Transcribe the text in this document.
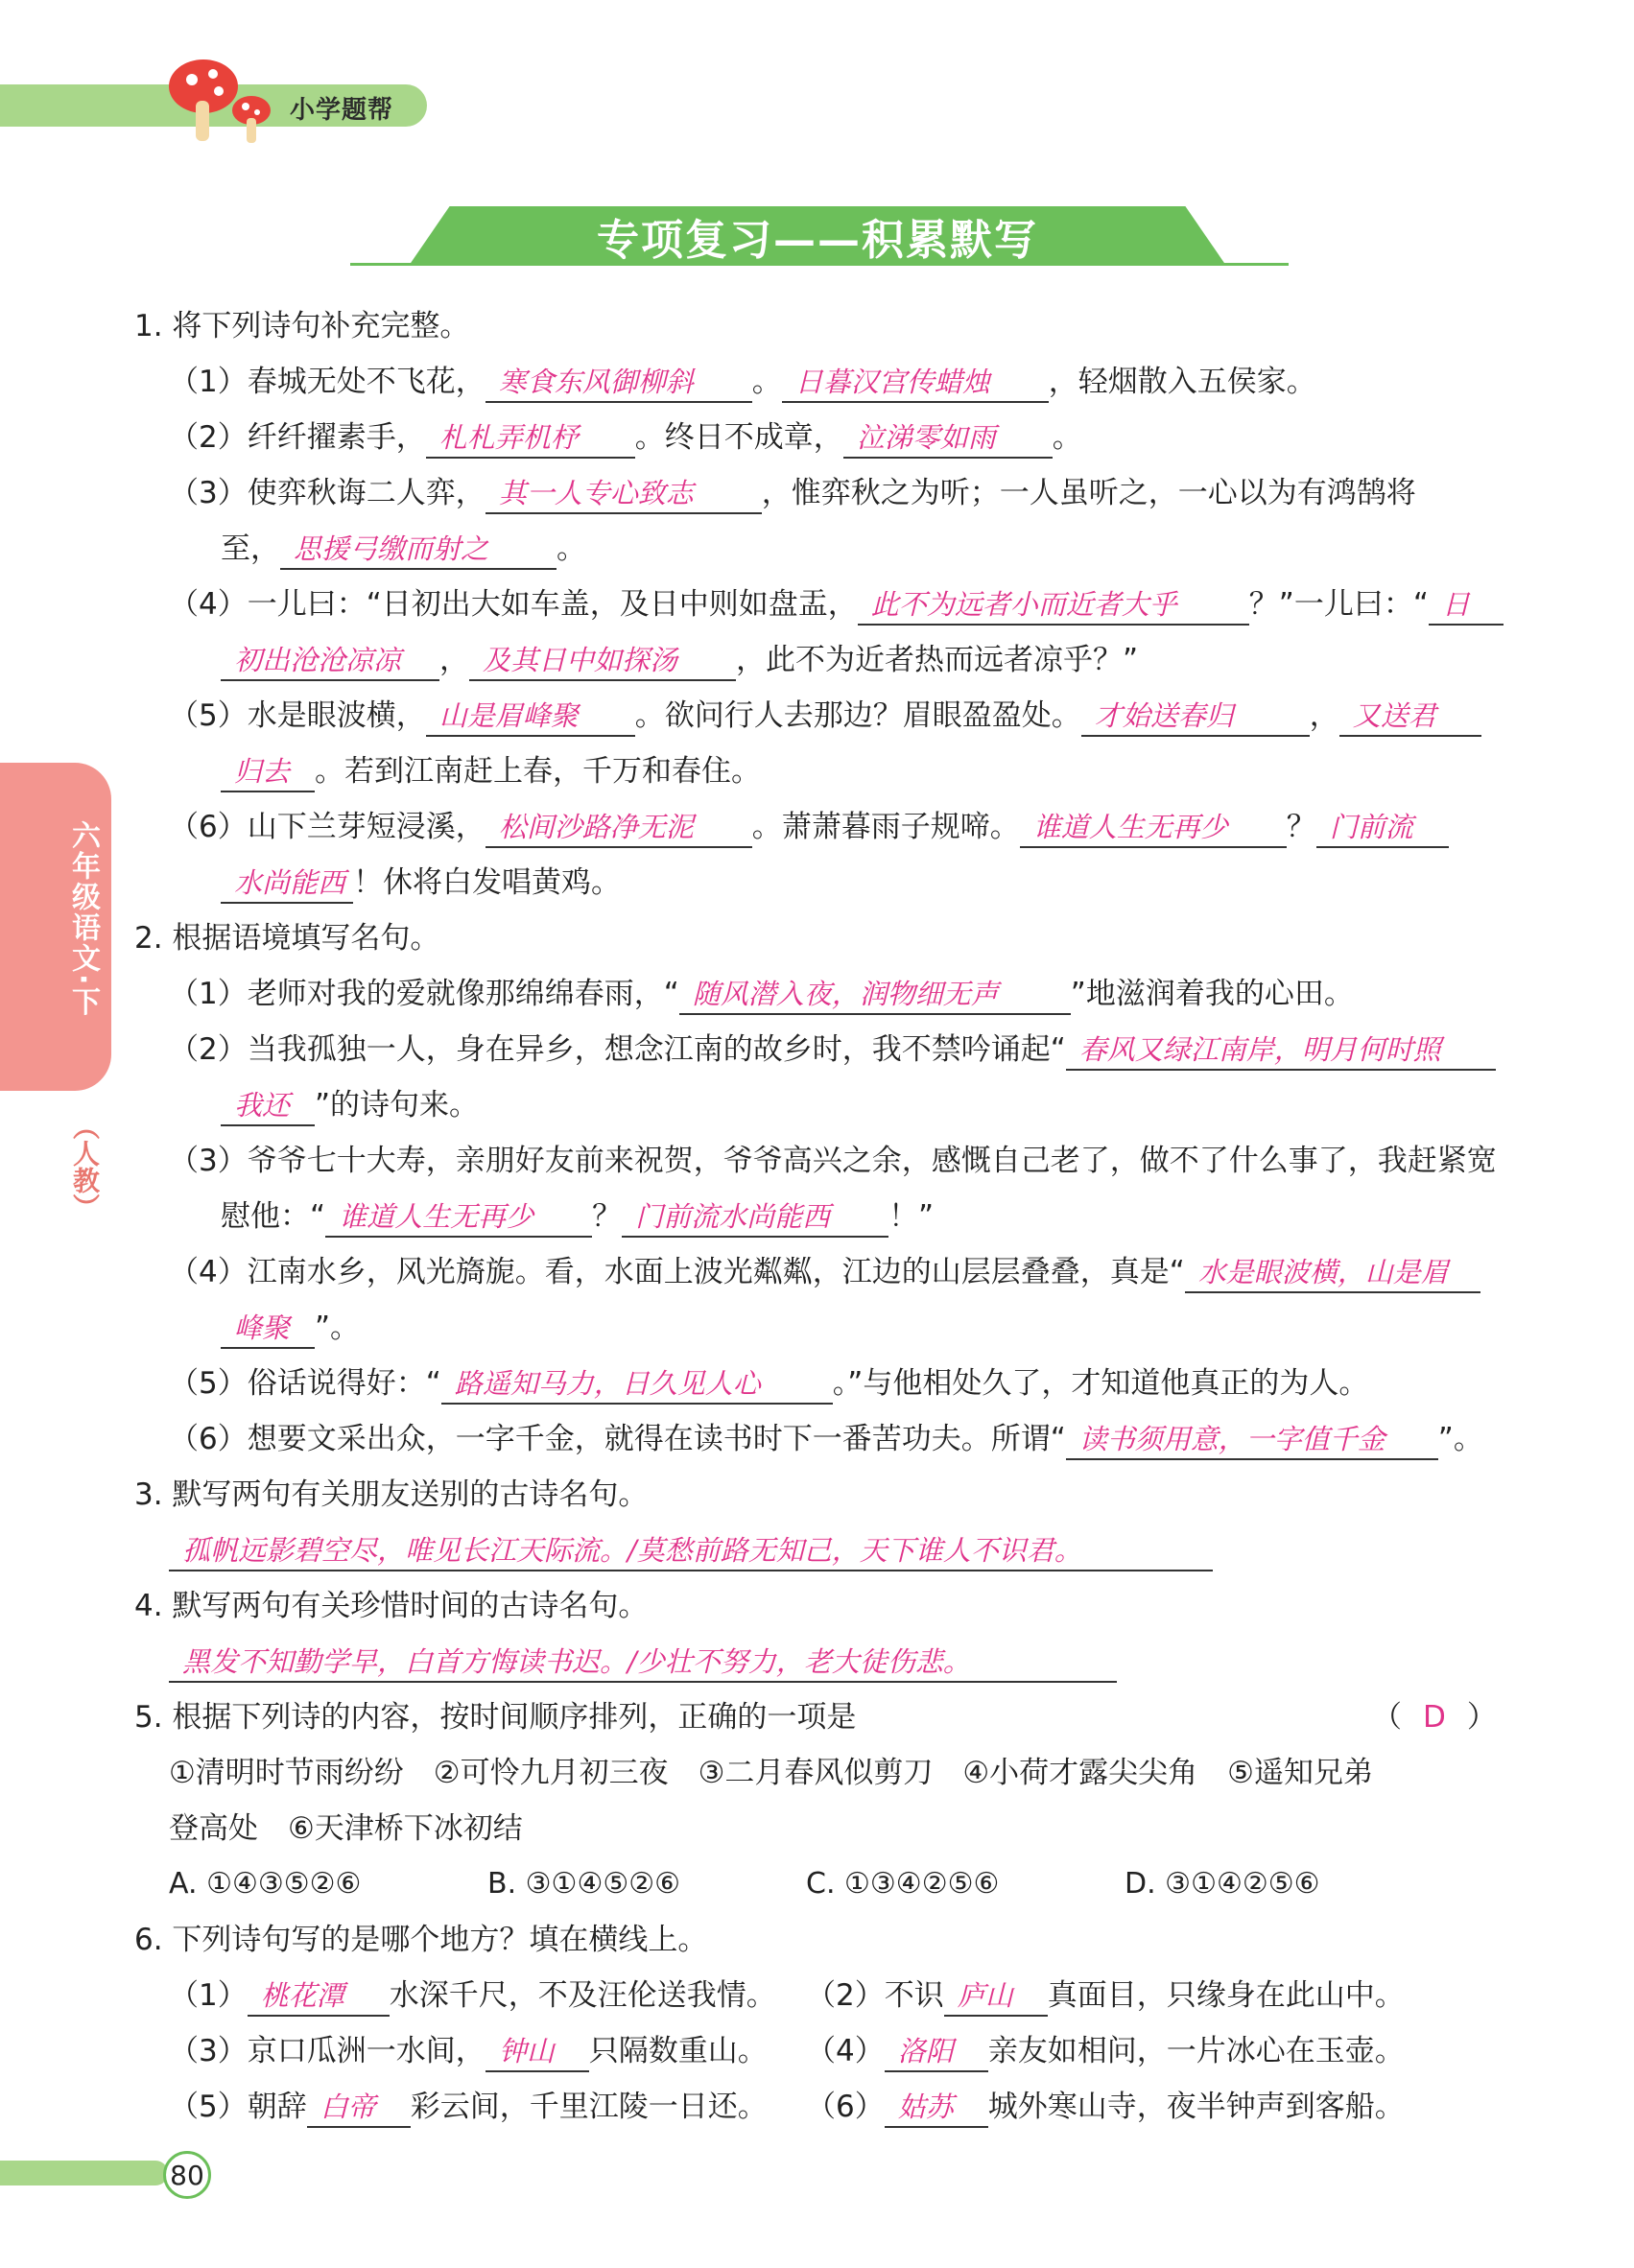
小学题帮
专项复习——积累默写
六年级语文·下
（人教）
1. 将下列诗句补充完整。
（1）春城无处不飞花， 寒食东风御柳斜 。 日暮汉宫传蜡烛 ，轻烟散入五侯家。
（2）纤纤擢素手， 札札弄机杼 。终日不成章， 泣涕零如雨 。
（3）使弈秋诲二人弈， 其一人专心致志 ，惟弈秋之为听；一人虽听之，一心以为有鸿鹄将
至， 思援弓缴而射之 。
（4）一儿曰：“日初出大如车盖，及日中则如盘盂， 此不为远者小而近者大乎 ？”一儿曰：“ 日
初出沧沧凉凉 ， 及其日中如探汤 ，此不为近者热而远者凉乎？”
（5）水是眼波横， 山是眉峰聚 。欲问行人去那边？眉眼盈盈处。 才始送春归	， 又送君
归去 。若到江南赶上春，千万和春住。
（6）山下兰芽短浸溪， 松间沙路净无泥 。萧萧暮雨子规啼。 谁道人生无再少 ？ 门前流
水尚能西 ！休将白发唱黄鸡。
2. 根据语境填写名句。
（1）老师对我的爱就像那绵绵春雨，“ 随风潜入夜，润物细无声 ”地滋润着我的心田。
（2）当我孤独一人，身在异乡，想念江南的故乡时，我不禁吟诵起“ 春风又绿江南岸，明月何时照
我还 ”的诗句来。
（3）爷爷七十大寿，亲朋好友前来祝贺，爷爷高兴之余，感慨自己老了，做不了什么事了，我赶紧宽
慰他：“ 谁道人生无再少 ？ 门前流水尚能西 ！”
（4）江南水乡，风光旖旎。看，水面上波光粼粼，江边的山层层叠叠，真是“ 水是眼波横，山是眉
峰聚 ”。
（5）俗话说得好：“ 路遥知马力，日久见人心 。”与他相处久了，才知道他真正的为人。
（6）想要文采出众，一字千金，就得在读书时下一番苦功夫。所谓“ 读书须用意，一字值千金 ”。
3. 默写两句有关朋友送别的古诗名句。
孤帆远影碧空尽，唯见长江天际流。/莫愁前路无知己，天下谁人不识君。
4. 默写两句有关珍惜时间的古诗名句。
黑发不知勤学早，白首方悔读书迟。/少壮不努力，老大徒伤悲。
5. 根据下列诗的内容，按时间顺序排列，正确的一项是	（ D ）
①清明时节雨纷纷　②可怜九月初三夜　③二月春风似剪刀　④小荷才露尖尖角　⑤遥知兄弟
登高处　⑥天津桥下冰初结
A. ①④③⑤②⑥	B. ③①④⑤②⑥	C. ①③④②⑤⑥	D. ③①④②⑤⑥
6. 下列诗句写的是哪个地方？填在横线上。
（1） 桃花潭 水深千尺，不及汪伦送我情。 （2）不识 庐山 真面目，只缘身在此山中。
（3）京口瓜洲一水间， 钟山 只隔数重山。 （4） 洛阳 亲友如相问，一片冰心在玉壶。
（5）朝辞 白帝 彩云间，千里江陵一日还。 （6） 姑苏 城外寒山寺，夜半钟声到客船。
80
